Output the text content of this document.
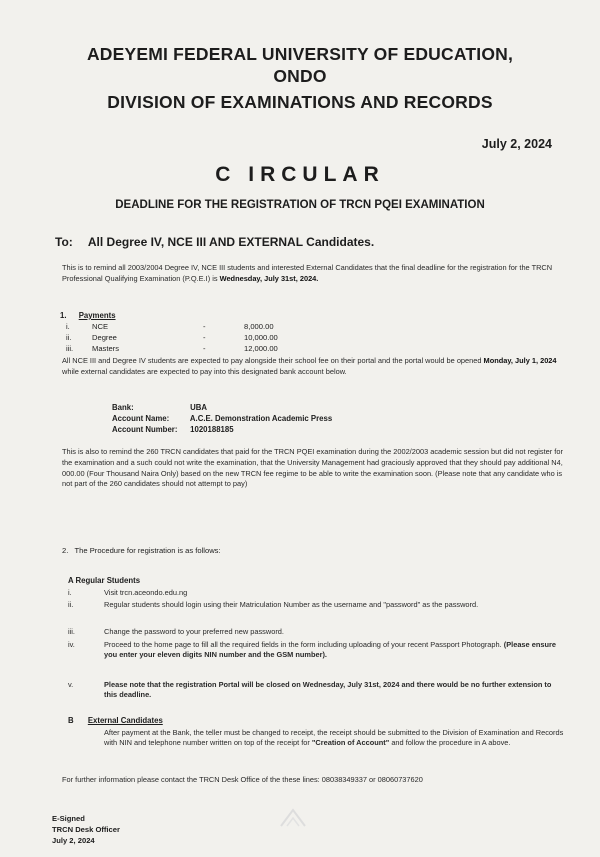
ADEYEMI FEDERAL UNIVERSITY OF EDUCATION,
ONDO
DIVISION OF EXAMINATIONS AND RECORDS
July 2, 2024
C IRCULAR
DEADLINE FOR THE REGISTRATION OF TRCN PQEI EXAMINATION
To: All Degree IV, NCE III AND EXTERNAL Candidates.
This is to remind all 2003/2004 Degree IV, NCE III students and interested External Candidates that the final deadline for the registration for the TRCN Professional Qualifying Examination (P.Q.E.I) is Wednesday, July 31st, 2024.
1. Payments
i.	NCE	-	8,000.00
ii.	Degree	-	10,000.00
iii. Masters	-	12,000.00
All NCE III and Degree IV students are expected to pay alongside their school fee on their portal and the portal would be opened Monday, July 1, 2024 while external candidates are expected to pay into this designated bank account below.
Bank:	UBA
Account Name:	A.C.E. Demonstration Academic Press
Account Number: 1020188185
This is also to remind the 260 TRCN candidates that paid for the TRCN PQEI examination during the 2002/2003 academic session but did not register for the examination and a such could not write the examination, that the University Management had graciously approved that they should pay additional N4, 000.00 (Four Thousand Naira Only) based on the new TRCN fee regime to be able to write the examination soon. (Please note that any candidate who is not part of the 260 candidates should not attempt to pay)
2. The Procedure for registration is as follows:
A Regular Students
i.	Visit trcn.aceondo.edu.ng
ii.	Regular students should login using their Matriculation Number as the username and "password" as the password.
iii.	Change the password to your preferred new password.
iv.	Proceed to the home page to fill all the required fields in the form including uploading of your recent Passport Photograph. (Please ensure you enter your eleven digits NIN number and the GSM number).
v.	Please note that the registration Portal will be closed on Wednesday, July 31st, 2024 and there would be no further extension to this deadline.
B External Candidates
After payment at the Bank, the teller must be changed to receipt, the receipt should be submitted to the Division of Examination and Records with NIN and telephone number written on top of the receipt for "Creation of Account" and follow the procedure in A above.
For further information please contact the TRCN Desk Office of the these lines: 08038349337 or 08060737620
E-Signed
TRCN Desk Officer
July 2, 2024
